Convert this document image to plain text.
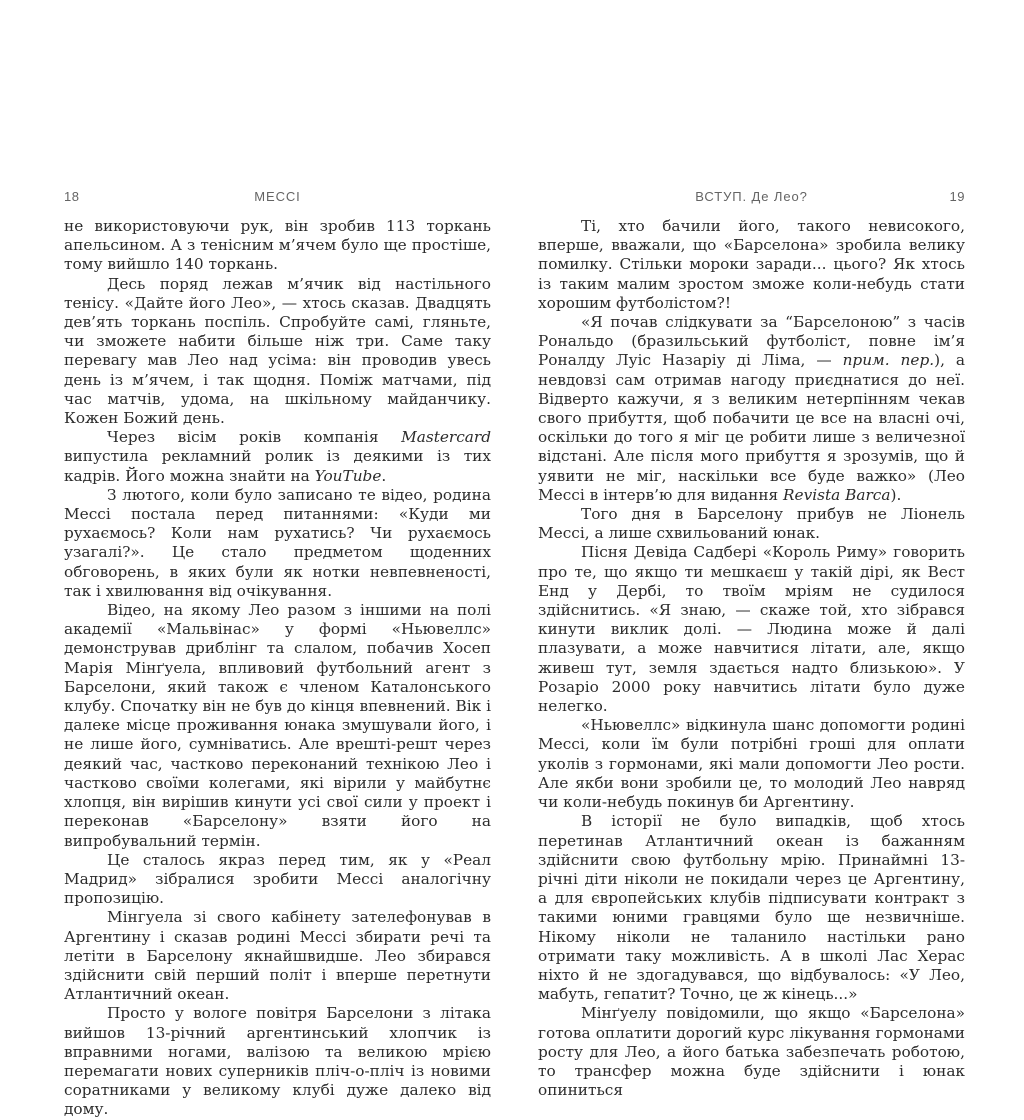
18	МЕССІ

не використовуючи рук, він зробив 113 торкань апельсином. А з тенісним м’ячем було ще простіше, тому вийшло 140 торкань.

Десь поряд лежав м’ячик від настільного тенісу. «Дайте його Лео», — хтось сказав. Двадцять дев’ять торкань поспіль. Спробуйте самі, гляньте, чи зможете набити більше ніж три. Саме таку перевагу мав Лео над усіма: він проводив увесь день із м’ячем, і так щодня. Поміж матчами, під час матчів, удома, на шкільному майданчику. Кожен Божий день.

Через вісім років компанія Mastercard випустила рекламний ролик із деякими із тих кадрів. Його можна знайти на YouTube.

З лютого, коли було записано те відео, родина Мессі постала перед питаннями: «Куди ми рухаємось? Коли нам рухатись? Чи рухаємось узагалі?». Це стало предметом щоденних обговорень, в яких були як нотки невпевненості, так і хвилювання від очікування.

Відео, на якому Лео разом з іншими на полі академії «Мальвінас» у формі «Ньювеллс» демонстрував дриблінг та слалом, побачив Хосеп Марія Мінґуела, впливовий футбольний агент з Барселони, який також є членом Каталонського клубу. Спочатку він не був до кінця впевнений. Вік і далеке місце проживання юнака змушували його, і не лише його, сумніватись. Але врешті-решт через деякий час, частково переконаний технікою Лео і частково своїми колегами, які вірили у майбутнє хлопця, він вирішив кинути усі свої сили у проект і переконав «Барселону» взяти його на випробувальний термін.

Це сталось якраз перед тим, як у «Реал Мадрид» зібралися зробити Мессі аналогічну пропозицію.

Мінгуела зі свого кабінету зателефонував в Аргентину і сказав родині Мессі збирати речі та летіти в Барселону якнайшвидше. Лео збирався здійснити свій перший політ і вперше перетнути Атлантичний океан.

Просто у вологе повітря Барселони з літака вийшов 13-річний аргентинський хлопчик із вправними ногами, валізою та великою мрією перемагати нових суперників пліч-о-пліч із новими соратниками у великому клубі дуже далеко від дому.

ВСТУП. Де Лео?	19

Ті, хто бачили його, такого невисокого, вперше, вважали, що «Барселона» зробила велику помилку. Стільки мороки заради... цього? Як хтось із таким малим зростом зможе коли-небудь стати хорошим футболістом?!

«Я почав слідкувати за “Барселоною” з часів Рональдо (бразильський футболіст, повне ім’я Роналду Луіс Назаріу ді Ліма, — прим. пер.), а невдовзі сам отримав нагоду приєднатися до неї. Відверто кажучи, я з великим нетерпінням чекав свого прибуття, щоб побачити це все на власні очі, оскільки до того я міг це робити лише з величезної відстані. Але після мого прибуття я зрозумів, що й уявити не міг, наскільки все буде важко» (Лео Мессі в інтерв’ю для видання Revista Barca).

Того дня в Барселону прибув не Ліонель Мессі, а лише схвильований юнак.

Пісня Девіда Садбері «Король Риму» говорить про те, що якщо ти мешкаєш у такій дірі, як Вест Енд у Дербі, то твоїм мріям не судилося здійснитись. «Я знаю, — скаже той, хто зібрався кинути виклик долі. — Людина може й далі плазувати, а може навчитися літати, але, якщо живеш тут, земля здається надто близькою». У Розаріо 2000 року навчитись літати було дуже нелегко.

«Ньювеллс» відкинула шанс допомогти родині Мессі, коли їм були потрібні гроші для оплати уколів з гормонами, які мали допомогти Лео рости. Але якби вони зробили це, то молодий Лео навряд чи коли-небудь покинув би Аргентину.

В історії не було випадків, щоб хтось перетинав Атлантичний океан із бажанням здійснити свою футбольну мрію. Принаймні 13-річні діти ніколи не покидали через це Аргентину, а для європейських клубів підписувати контракт з такими юними гравцями було ще незвичніше. Нікому ніколи не таланило настільки рано отримати таку можливість. А в школі Лас Херас ніхто й не здогадувався, що відбувалось: «У Лео, мабуть, гепатит? Точно, це ж кінець...»

Мінґуелу повідомили, що якщо «Барселона» готова оплатити дорогий курс лікування гормонами росту для Лео, а його батька забезпечать роботою, то трансфер можна буде здійснити і юнак опиниться
